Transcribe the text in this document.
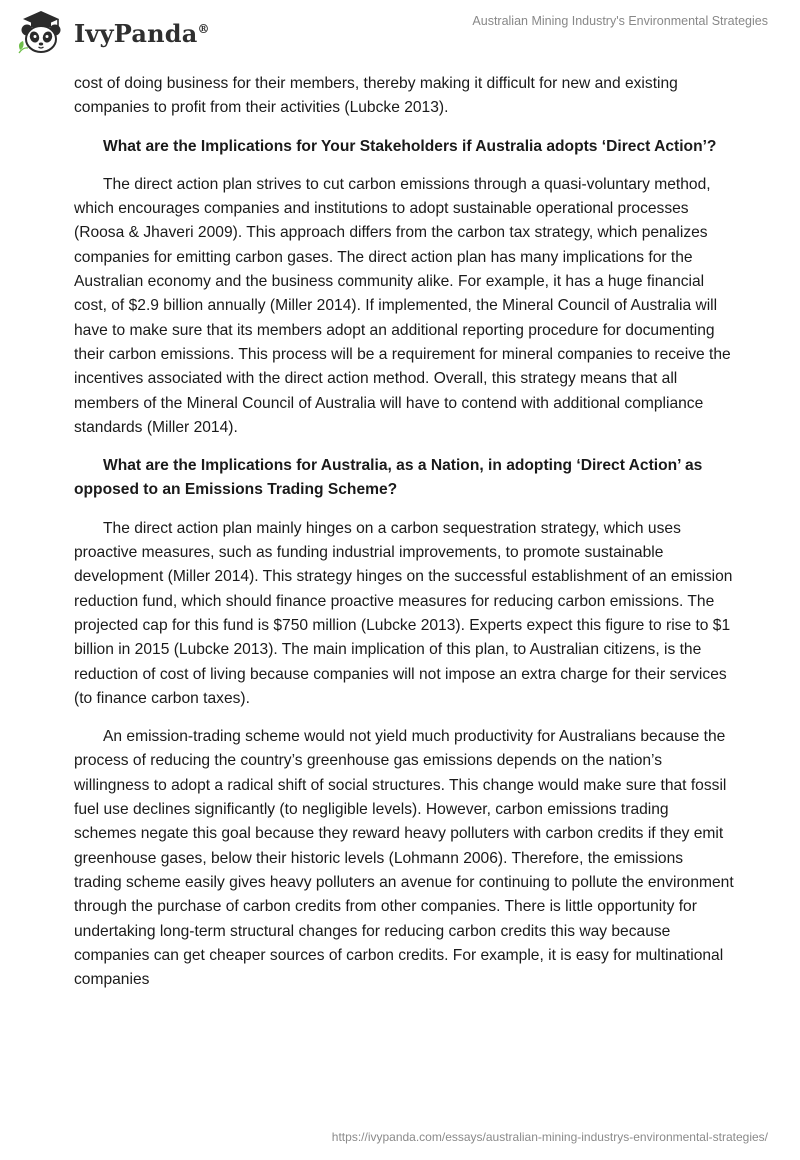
IvyPanda®
Australian Mining Industry's Environmental Strategies

cost of doing business for their members, thereby making it difficult for new and existing companies to profit from their activities (Lubcke 2013).

What are the Implications for Your Stakeholders if Australia adopts ‘Direct Action’?

The direct action plan strives to cut carbon emissions through a quasi-voluntary method, which encourages companies and institutions to adopt sustainable operational processes (Roosa & Jhaveri 2009). This approach differs from the carbon tax strategy, which penalizes companies for emitting carbon gases. The direct action plan has many implications for the Australian economy and the business community alike. For example, it has a huge financial cost, of $2.9 billion annually (Miller 2014). If implemented, the Mineral Council of Australia will have to make sure that its members adopt an additional reporting procedure for documenting their carbon emissions. This process will be a requirement for mineral companies to receive the incentives associated with the direct action method. Overall, this strategy means that all members of the Mineral Council of Australia will have to contend with additional compliance standards (Miller 2014).

What are the Implications for Australia, as a Nation, in adopting ‘Direct Action’ as opposed to an Emissions Trading Scheme?

The direct action plan mainly hinges on a carbon sequestration strategy, which uses proactive measures, such as funding industrial improvements, to promote sustainable development (Miller 2014). This strategy hinges on the successful establishment of an emission reduction fund, which should finance proactive measures for reducing carbon emissions. The projected cap for this fund is $750 million (Lubcke 2013). Experts expect this figure to rise to $1 billion in 2015 (Lubcke 2013). The main implication of this plan, to Australian citizens, is the reduction of cost of living because companies will not impose an extra charge for their services (to finance carbon taxes).

An emission-trading scheme would not yield much productivity for Australians because the process of reducing the country’s greenhouse gas emissions depends on the nation’s willingness to adopt a radical shift of social structures. This change would make sure that fossil fuel use declines significantly (to negligible levels). However, carbon emissions trading schemes negate this goal because they reward heavy polluters with carbon credits if they emit greenhouse gases, below their historic levels (Lohmann 2006). Therefore, the emissions trading scheme easily gives heavy polluters an avenue for continuing to pollute the environment through the purchase of carbon credits from other companies. There is little opportunity for undertaking long-term structural changes for reducing carbon credits this way because companies can get cheaper sources of carbon credits. For example, it is easy for multinational companies

https://ivypanda.com/essays/australian-mining-industrys-environmental-strategies/
